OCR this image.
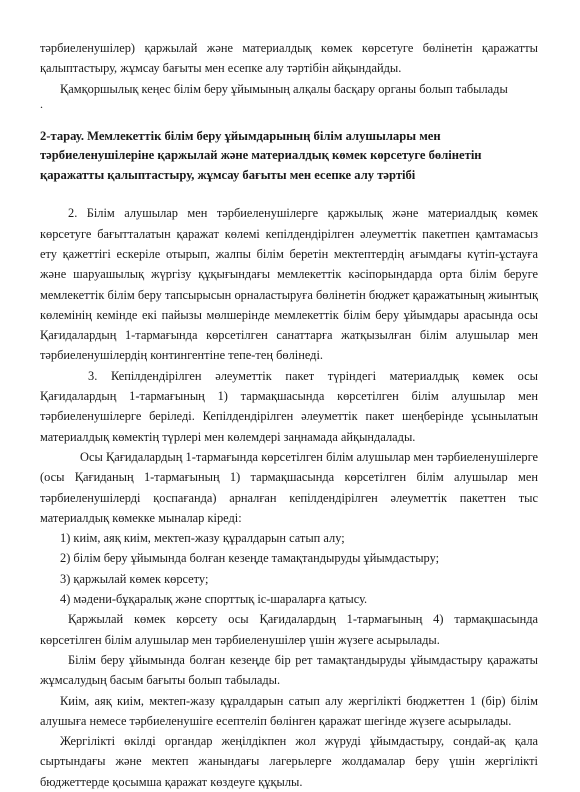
тәрбиеленушілер) қаржылай және материалдық көмек көрсетуге бөлінетін қаражатты қалыптастыру, жұмсау бағыты мен есепке алу тәртібін айқындайды.

Қамқоршылық кеңес білім беру ұйымының алқалы басқару органы болып табылады

.

2-тарау. Мемлекеттік білім беру ұйымдарының білім алушылары мен тәрбиеленушілеріне қаржылай және материалдық көмек көрсетуге бөлінетін қаражатты қалыптастыру, жұмсау бағыты мен есепке алу тәртібі

2. Білім алушылар мен тәрбиеленушілерге қаржылық және материалдық көмек көрсетуге бағытталатын қаражат көлемі кепілдендірілген әлеуметтік пакетпен қамтамасыз ету қажеттігі ескеріле отырып, жалпы білім беретін мектептердің ағымдағы күтіп-ұстауға және шаруашылық жүргізу құқығындағы мемлекеттік кәсіпорындарда орта білім беруге мемлекеттік білім беру тапсырысын орналастыруға бөлінетін бюджет қаражатының жиынтық көлемінің кемінде екі пайызы мөлшерінде мемлекеттік білім беру ұйымдары арасында осы Қағидалардың 1-тармағында көрсетілген санаттарға жатқызылған білім алушылар мен тәрбиеленушілердің контингентіне тепе-тең бөлінеді.

3. Кепілдендірілген әлеуметтік пакет түріндегі материалдық көмек осы Қағидалардың 1-тармағының 1) тармақшасында көрсетілген білім алушылар мен тәрбиеленушілерге беріледі. Кепілдендірілген әлеуметтік пакет шеңберінде ұсынылатын материалдық көмектің түрлері мен көлемдері заңнамада айқындалады.

Осы Қағидалардың 1-тармағында көрсетілген білім алушылар мен тәрбиеленушілерге (осы Қағиданың 1-тармағының 1) тармақшасында көрсетілген білім алушылар мен тәрбиеленушілерді қоспағанда) арналған кепілдендірілген әлеуметтік пакеттен тыс материалдық көмекке мыналар кіреді:

1) киім, аяқ киім, мектеп-жазу құралдарын сатып алу;

2) білім беру ұйымында болған кезеңде тамақтандыруды ұйымдастыру;

3) қаржылай көмек көрсету;

4) мәдени-бұқаралық және спорттық іс-шараларға қатысу.

Қаржылай көмек көрсету осы Қағидалардың 1-тармағының 4) тармақшасында көрсетілген білім алушылар мен тәрбиеленушілер үшін жүзеге асырылады.

Білім беру ұйымында болған кезеңде бір рет тамақтандыруды ұйымдастыру қаражаты жұмсалудың басым бағыты болып табылады.

Киім, аяқ киім, мектеп-жазу құралдарын сатып алу жергілікті бюджеттен 1 (бір) білім алушыға немесе тәрбиеленушіге есептеліп бөлінген қаражат шегінде жүзеге асырылады.

Жергілікті өкілді органдар жеңілдікпен жол жүруді ұйымдастыру, сондай-ақ қала сыртындағы және мектеп жанындағы лагерьлерге жолдамалар беру үшін жергілікті бюджеттерде қосымша қаражат көздеуге құқылы.
